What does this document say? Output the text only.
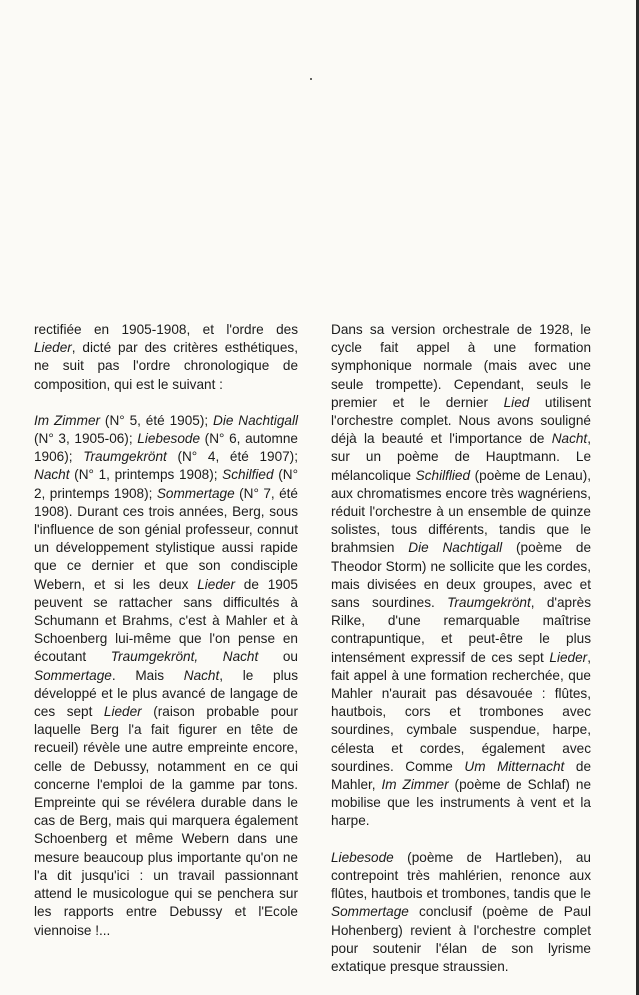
rectifiée en 1905-1908, et l'ordre des Lieder, dicté par des critères esthétiques, ne suit pas l'ordre chronologique de composition, qui est le suivant :

Im Zimmer (N° 5, été 1905); Die Nachtigall (N° 3, 1905-06); Liebesode (N° 6, automne 1906); Traumgekrönt (N° 4, été 1907); Nacht (N° 1, printemps 1908); Schilfied (N° 2, printemps 1908); Sommertage (N° 7, été 1908). Durant ces trois années, Berg, sous l'influence de son génial professeur, connut un développement stylistique aussi rapide que ce dernier et que son condisciple Webern, et si les deux Lieder de 1905 peuvent se rattacher sans difficultés à Schumann et Brahms, c'est à Mahler et à Schoenberg lui-même que l'on pense en écoutant Traumgekrönt, Nacht ou Sommertage. Mais Nacht, le plus développé et le plus avancé de langage de ces sept Lieder (raison probable pour laquelle Berg l'a fait figurer en tête de recueil) révèle une autre empreinte encore, celle de Debussy, notamment en ce qui concerne l'emploi de la gamme par tons. Empreinte qui se révélera durable dans le cas de Berg, mais qui marquera également Schoenberg et même Webern dans une mesure beaucoup plus importante qu'on ne l'a dit jusqu'ici : un travail passionnant attend le musicologue qui se penchera sur les rapports entre Debussy et l'Ecole viennoise !...

Dans sa version orchestrale de 1928, le cycle fait appel à une formation symphonique normale (mais avec une seule trompette). Cependant, seuls le premier et le dernier Lied utilisent l'orchestre complet. Nous avons souligné déjà la beauté et l'importance de Nacht, sur un poème de Hauptmann. Le mélancolique Schilflied (poème de Lenau), aux chromatismes encore très wagnériens, réduit l'orchestre à un ensemble de quinze solistes, tous différents, tandis que le brahmsien Die Nachtigall (poème de Theodor Storm) ne sollicite que les cordes, mais divisées en deux groupes, avec et sans sourdines. Traumgekrönt, d'après Rilke, d'une remarquable maîtrise contrapuntique, et peut-être le plus intensément expressif de ces sept Lieder, fait appel à une formation recherchée, que Mahler n'aurait pas désavouée : flûtes, hautbois, cors et trombones avec sourdines, cymbale suspendue, harpe, célesta et cordes, également avec sourdines. Comme Um Mitternacht de Mahler, Im Zimmer (poème de Schlaf) ne mobilise que les instruments à vent et la harpe.

Liebesode (poème de Hartleben), au contrepoint très mahlérien, renonce aux flûtes, hautbois et trombones, tandis que le Sommertage conclusif (poème de Paul Hohenberg) revient à l'orchestre complet pour soutenir l'élan de son lyrisme extatique presque straussien.
